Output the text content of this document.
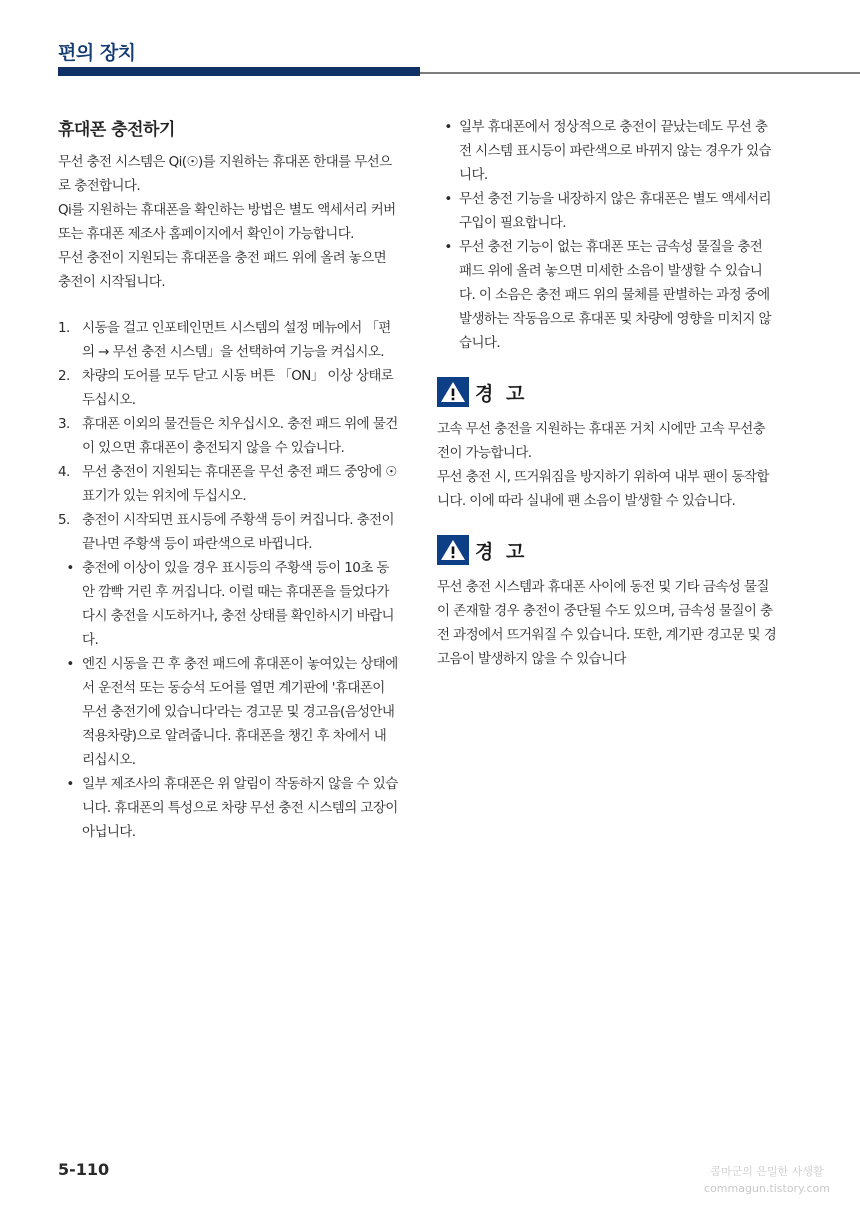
편의 장치
휴대폰 충전하기

무선 충전 시스템은 Qi(☉)를 지원하는 휴대폰 한대를 무선으로 충전합니다.

Qi를 지원하는 휴대폰을 확인하는 방법은 별도 액세서리 커버 또는 휴대폰 제조사 홈페이지에서 확인이 가능합니다.

무선 충전이 지원되는 휴대폰을 충전 패드 위에 올려 놓으면 충전이 시작됩니다.

1. 시동을 걸고 인포테인먼트 시스템의 설정 메뉴에서 「편의 → 무선 충전 시스템」을 선택하여 기능을 켜십시오.
2. 차량의 도어를 모두 닫고 시동 버튼 「ON」 이상 상태로 두십시오.
3. 휴대폰 이외의 물건들은 치우십시오. 충전 패드 위에 물건이 있으면 휴대폰이 충전되지 않을 수 있습니다.
4. 무선 충전이 지원되는 휴대폰을 무선 충전 패드 중앙에 ☉ 표기가 있는 위치에 두십시오.
5. 충전이 시작되면 표시등에 주황색 등이 켜집니다. 충전이 끝나면 주황색 등이 파란색으로 바뀝니다.
• 충전에 이상이 있을 경우 표시등의 주황색 등이 10초 동안 깜빡 거린 후 꺼집니다. 이럴 때는 휴대폰을 들었다가 다시 충전을 시도하거나, 충전 상태를 확인하시기 바랍니다.
• 엔진 시동을 끈 후 충전 패드에 휴대폰이 놓여있는 상태에서 운전석 또는 동승석 도어를 열면 계기판에 '휴대폰이 무선 충전기에 있습니다'라는 경고문 및 경고음(음성안내 적용차량)으로 알려줍니다. 휴대폰을 챙긴 후 차에서 내리십시오.
• 일부 제조사의 휴대폰은 위 알림이 작동하지 않을 수 있습니다. 휴대폰의 특성으로 차량 무선 충전 시스템의 고장이 아닙니다.
• 일부 휴대폰에서 정상적으로 충전이 끝났는데도 무선 충전 시스템 표시등이 파란색으로 바뀌지 않는 경우가 있습니다.
• 무선 충전 기능을 내장하지 않은 휴대폰은 별도 액세서리 구입이 필요합니다.
• 무선 충전 기능이 없는 휴대폰 또는 금속성 물질을 충전 패드 위에 올려 놓으면 미세한 소음이 발생할 수 있습니다. 이 소음은 충전 패드 위의 물체를 판별하는 과정 중에 발생하는 작동음으로 휴대폰 및 차량에 영향을 미치지 않습니다.
경 고

고속 무선 충전을 지원하는 휴대폰 거치 시에만 고속 무선충전이 가능합니다.

무선 충전 시, 뜨거워짐을 방지하기 위하여 내부 팬이 동작합니다. 이에 따라 실내에 팬 소음이 발생할 수 있습니다.

경 고

무선 충전 시스템과 휴대폰 사이에 동전 및 기타 금속성 물질이 존재할 경우 충전이 중단될 수도 있으며, 금속성 물질이 충전 과정에서 뜨거워질 수 있습니다. 또한, 계기판 경고문 및 경고음이 발생하지 않을 수 있습니다

5-110	콤마군의 은밀한 사생활
commagun.tistory.com
